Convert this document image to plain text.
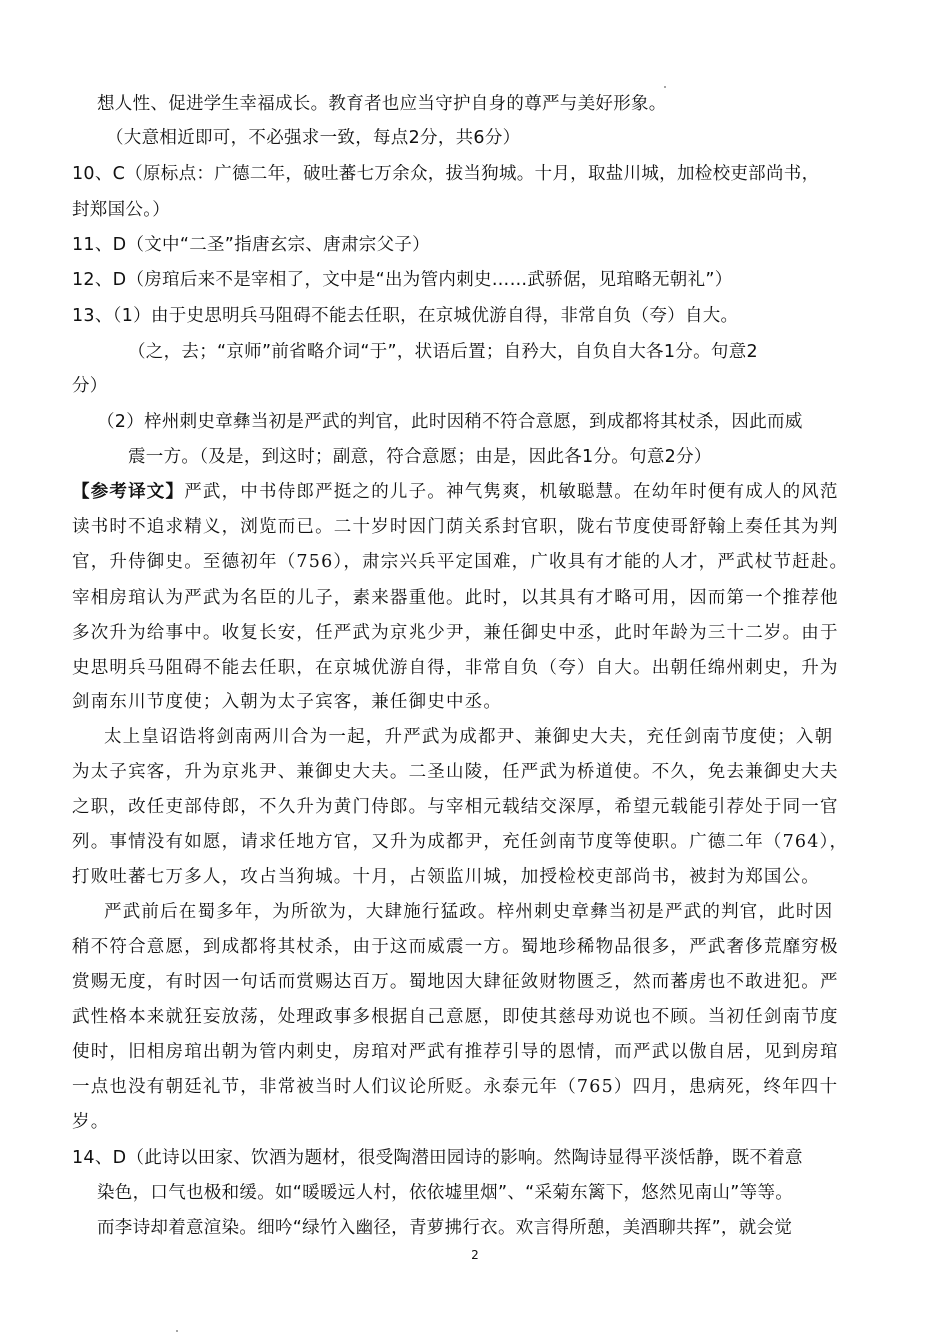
想人性、促进学生幸福成长。教育者也应当守护自身的尊严与美好形象。
（大意相近即可，不必强求一致，每点2分，共6分）
10、C（原标点：广德二年，破吐蕃七万余众，拔当狗城。十月，取盐川城，加检校吏部尚书，
封郑国公。）
11、D（文中“二圣”指唐玄宗、唐肃宗父子）
12、D（房琯后来不是宰相了，文中是“出为管内刺史……武骄倨，见琯略无朝礼”）
13、（1）由于史思明兵马阻碍不能去任职，在京城优游自得，非常自负（夸）自大。
（之，去；“京师”前省略介词“于”，状语后置；自矜大，自负自大各1分。句意2
分）
（2）梓州刺史章彝当初是严武的判官，此时因稍不符合意愿，到成都将其杖杀，因此而威
震一方。（及是，到这时；副意，符合意愿；由是，因此各1分。句意2分）
【参考译文】严武，中书侍郎严挺之的儿子。神气隽爽，机敏聪慧。在幼年时便有成人的风范
读书时不追求精义，浏览而已。二十岁时因门荫关系封官职，陇右节度使哥舒翰上奏任其为判
官，升侍御史。至德初年（756），肃宗兴兵平定国难，广收具有才能的人才，严武杖节赶赴。
宰相房琯认为严武为名臣的儿子，素来器重他。此时，以其具有才略可用，因而第一个推荐他
多次升为给事中。收复长安，任严武为京兆少尹，兼任御史中丞，此时年龄为三十二岁。由于
史思明兵马阻碍不能去任职，在京城优游自得，非常自负（夸）自大。出朝任绵州刺史，升为
剑南东川节度使；入朝为太子宾客，兼任御史中丞。
太上皇诏诰将剑南两川合为一起，升严武为成都尹、兼御史大夫，充任剑南节度使；入朝
为太子宾客，升为京兆尹、兼御史大夫。二圣山陵，任严武为桥道使。不久，免去兼御史大夫
之职，改任吏部侍郎，不久升为黄门侍郎。与宰相元载结交深厚，希望元载能引荐处于同一官
列。事情没有如愿，请求任地方官，又升为成都尹，充任剑南节度等使职。广德二年（764），
打败吐蕃七万多人，攻占当狗城。十月，占领监川城，加授检校吏部尚书，被封为郑国公。
严武前后在蜀多年，为所欲为，大肆施行猛政。梓州刺史章彝当初是严武的判官，此时因
稍不符合意愿，到成都将其杖杀，由于这而威震一方。蜀地珍稀物品很多，严武奢侈荒靡穷极
赏赐无度，有时因一句话而赏赐达百万。蜀地因大肆征敛财物匮乏，然而蕃虏也不敢进犯。严
武性格本来就狂妄放荡，处理政事多根据自己意愿，即使其慈母劝说也不顾。当初任剑南节度
使时，旧相房琯出朝为管内刺史，房琯对严武有推荐引导的恩情，而严武以傲自居，见到房琯
一点也没有朝廷礼节，非常被当时人们议论所贬。永泰元年（765）四月，患病死，终年四十
岁。
14、D（此诗以田家、饮酒为题材，很受陶潜田园诗的影响。然陶诗显得平淡恬静，既不着意
染色，口气也极和缓。如“暖暖远人村，依依墟里烟”、“采菊东篱下，悠然见南山”等等。
而李诗却着意渲染。细吟“绿竹入幽径，青萝拂行衣。欢言得所憩，美酒聊共挥”，就会觉
2
